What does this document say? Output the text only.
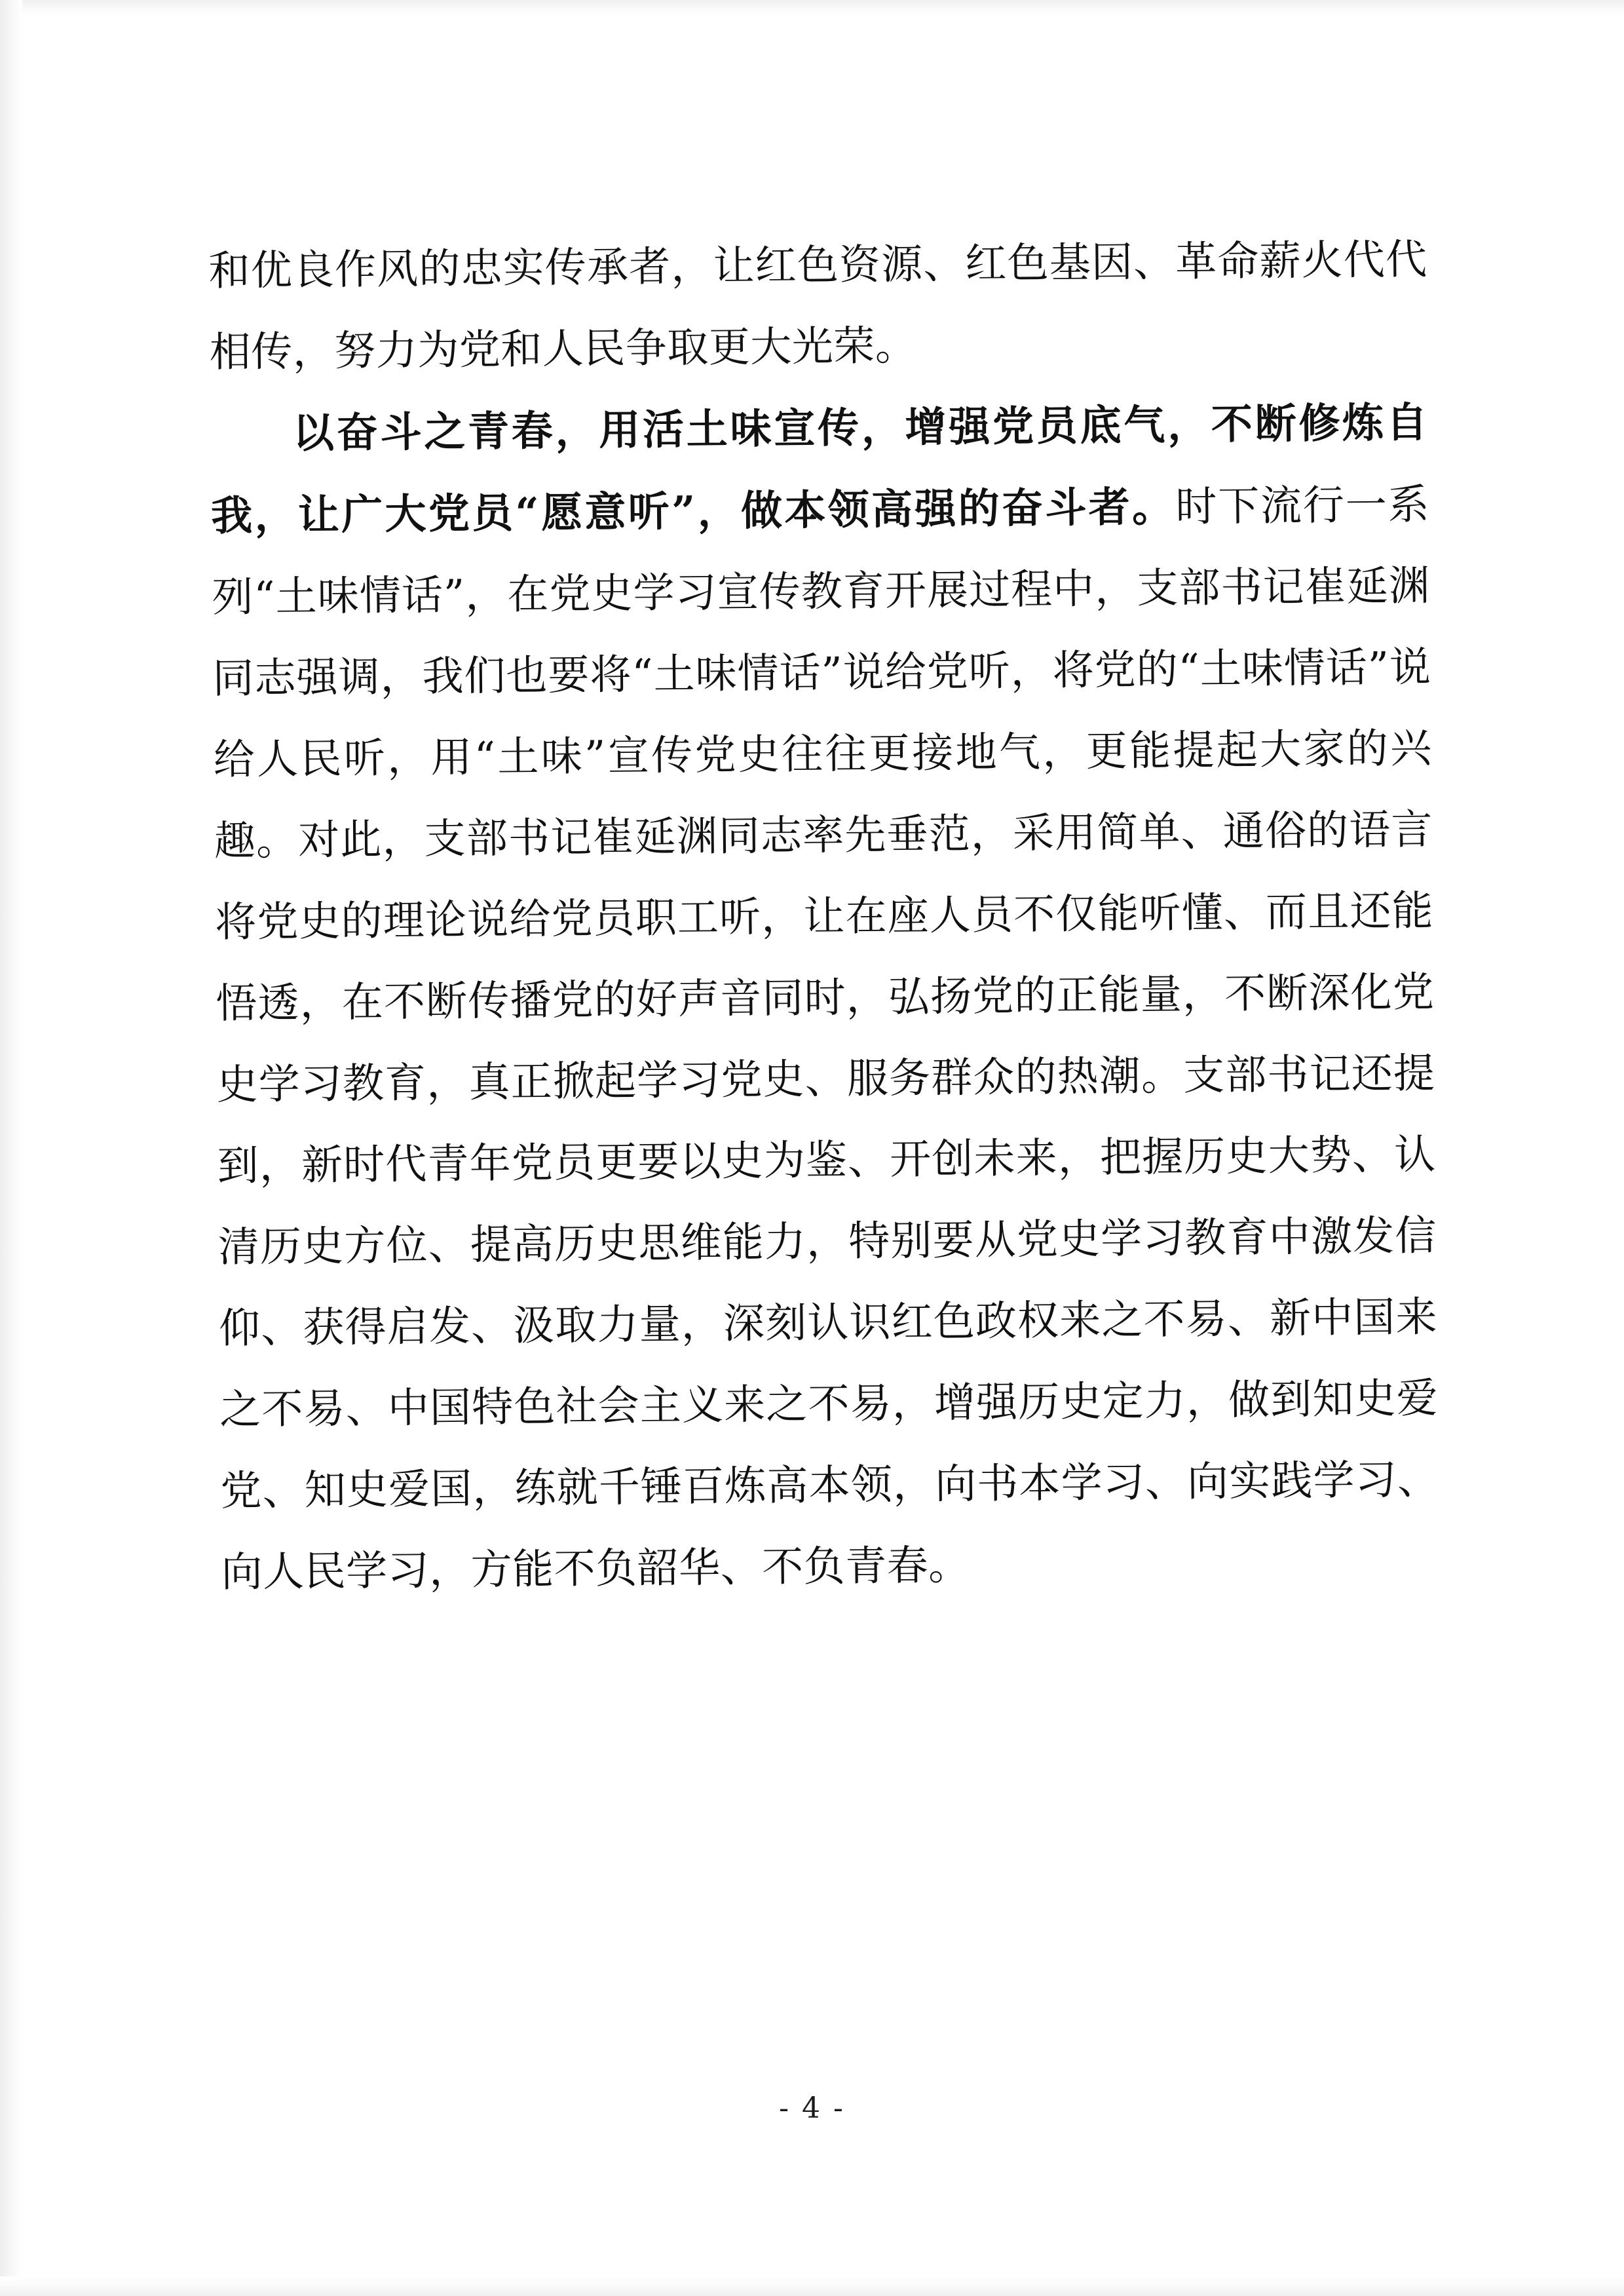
和优良作风的忠实传承者，让红色资源、红色基因、革命薪火代代相传，努力为党和人民争取更大光荣。

以奋斗之青春，用活土味宣传，增强党员底气，不断修炼自我，让广大党员“愿意听”，做本领高强的奋斗者。时下流行一系列“土味情话”，在党史学习宣传教育开展过程中，支部书记崔延渊同志强调，我们也要将“土味情话”说给党听，将党的“土味情话”说给人民听，用“土味”宣传党史往往更接地气，更能提起大家的兴趣。对此，支部书记崔延渊同志率先垂范，采用简单、通俗的语言将党史的理论说给党员职工听，让在座人员不仅能听懂、而且还能悟透，在不断传播党的好声音同时，弘扬党的正能量，不断深化党史学习教育，真正掀起学习党史、服务群众的热潮。支部书记还提到，新时代青年党员更要以史为鉴、开创未来，把握历史大势、认清历史方位、提高历史思维能力，特别要从党史学习教育中激发信仰、获得启发、汲取力量，深刻认识红色政权来之不易、新中国来之不易、中国特色社会主义来之不易，增强历史定力，做到知史爱党、知史爱国，练就千锤百炼高本领，向书本学习、向实践学习、向人民学习，方能不负韶华、不负青春。

- 4 -
